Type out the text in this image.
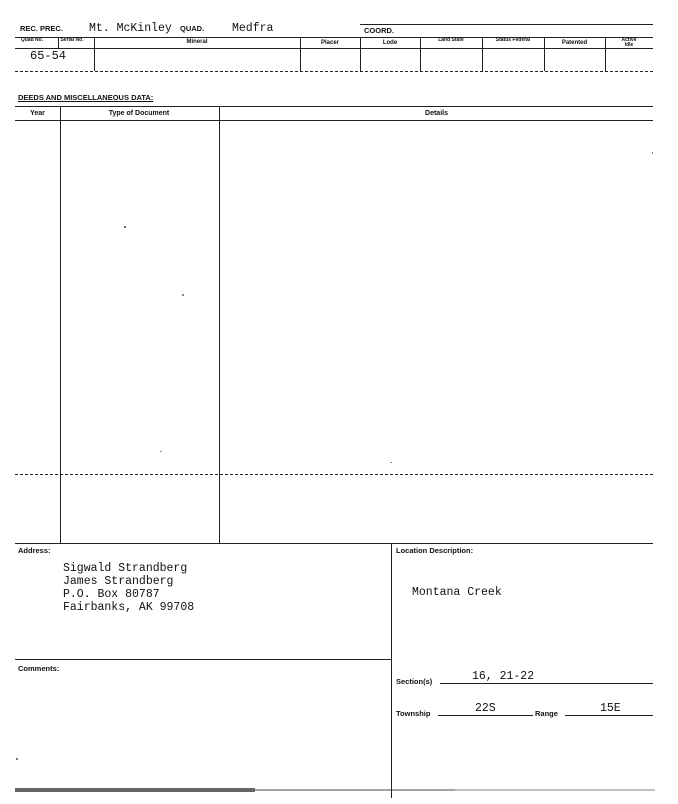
REC. PREC. Mt. McKinley QUAD. Medfra	COORD.
Quad No.	Serial No.	Mineral	Placer	Lode	Land State	Status Federal	Patented	Active Idle
65-54
DEEDS AND MISCELLANEOUS DATA:
Year	Type of Document	Details
Address:
Sigwald Strandberg
James Strandberg
P.O. Box 80787
Fairbanks, AK 99708
Location Description:
Montana Creek
Comments:
Section(s)	16, 21-22
Township	22S	Range	15E
